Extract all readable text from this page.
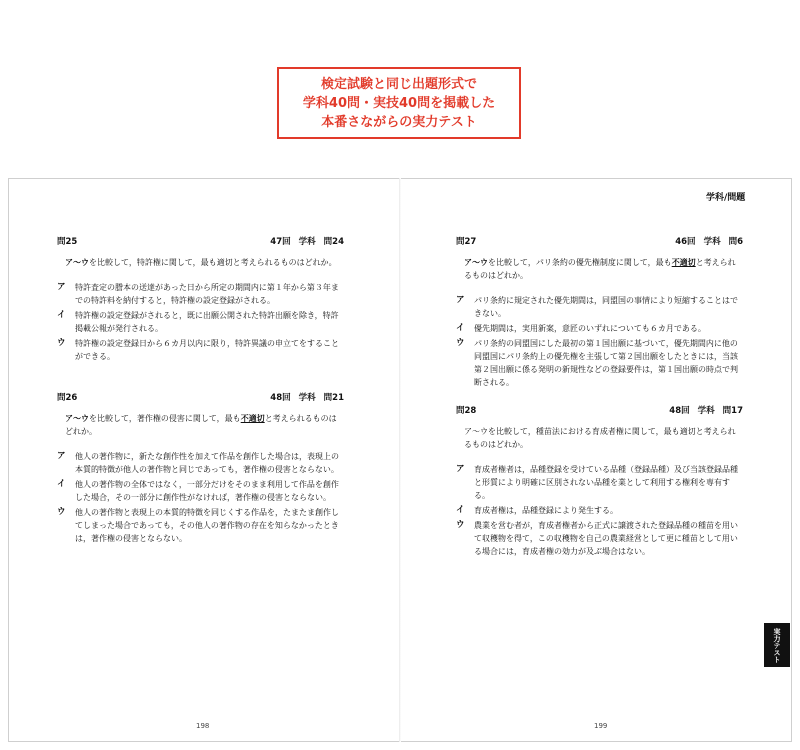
検定試験と同じ出題形式で
学科40問・実技40問を掲載した
本番さながらの実力テスト
学科/問題
問25	47回 学科 問24
ア～ウを比較して，特許権に関して，最も適切と考えられるものはどれか。
ア	特許査定の謄本の送達があった日から所定の期間内に第１年から第３年までの特許料を納付すると，特許権の設定登録がされる。
イ	特許権の設定登録がされると，既に出願公開された特許出願を除き，特許掲載公報が発行される。
ウ	特許権の設定登録日から６カ月以内に限り，特許異議の申立てをすることができる。
問26	48回 学科 問21
ア～ウを比較して，著作権の侵害に関して，最も不適切と考えられるものはどれか。
ア	他人の著作物に，新たな創作性を加えて作品を創作した場合は，表現上の本質的特徴が他人の著作物と同じであっても，著作権の侵害とならない。
イ	他人の著作物の全体ではなく，一部分だけをそのまま利用して作品を創作した場合，その一部分に創作性がなければ，著作権の侵害とならない。
ウ	他人の著作物と表現上の本質的特徴を同じくする作品を，たまたま創作してしまった場合であっても，その他人の著作物の存在を知らなかったときは，著作権の侵害とならない。
問27	46回 学科 問6
ア～ウを比較して，パリ条約の優先権制度に関して，最も不適切と考えられるものはどれか。
ア	パリ条約に規定された優先期間は，同盟国の事情により短縮することはできない。
イ	優先期間は，実用新案，意匠のいずれについても６カ月である。
ウ	パリ条約の同盟国にした最初の第１国出願に基づいて，優先期間内に他の同盟国にパリ条約上の優先権を主張して第２国出願をしたときには，当該第２国出願に係る発明の新規性などの登録要件は，第１国出願の時点で判断される。
問28	48回 学科 問17
ア～ウを比較して，種苗法における育成者権に関して，最も適切と考えられるものはどれか。
ア	育成者権者は，品種登録を受けている品種（登録品種）及び当該登録品種と形質により明確に区別されない品種を業として利用する権利を専有する。
イ	育成者権は，品種登録により発生する。
ウ	農業を営む者が，育成者権者から正式に譲渡された登録品種の種苗を用いて収穫物を得て，この収穫物を自己の農業経営として更に種苗として用いる場合には，育成者権の効力が及ぶ場合はない。
実力テスト
198	199
